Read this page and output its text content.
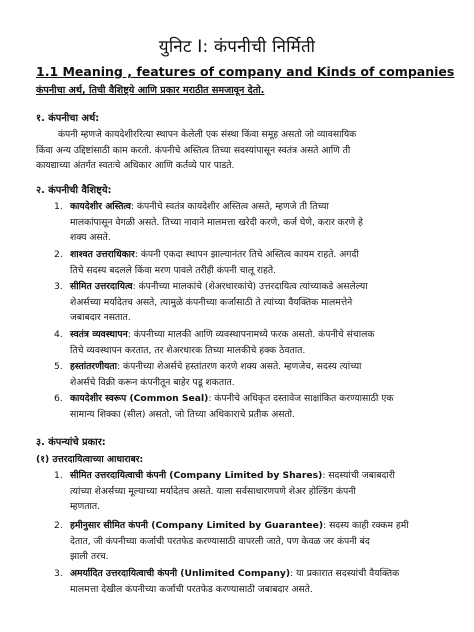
युनिट I: कंपनीची निर्मिती
1.1 Meaning , features of company and Kinds of companies
कंपनीचा अर्थ, तिची वैशिष्ट्ये आणि प्रकार मराठीत समजावून देतो.
१. कंपनीचा अर्थ:
कंपनी म्हणजे कायदेशीररित्या स्थापन केलेली एक संस्था किंवा समूह असतो जो व्यावसायिक
किंवा अन्य उद्दिष्टांसाठी काम करतो. कंपनीचे अस्तित्व तिच्या सदस्यांपासून स्वतंत्र असते आणि ती
कायद्याच्या अंतर्गत स्वतःचे अधिकार आणि कर्तव्ये पार पाडते.
२. कंपनीची वैशिष्ट्ये:
1. कायदेशीर अस्तित्व: कंपनीचे स्वतंत्र कायदेशीर अस्तित्व असते, म्हणजे ती तिच्या
मालकांपासून वेगळी असते. तिच्या नावाने मालमत्ता खरेदी करणे, कर्ज घेणे, करार करणे हे
शक्य असते.
2. शाश्वत उत्तराधिकार: कंपनी एकदा स्थापन झाल्यानंतर तिचे अस्तित्व कायम राहते. अगदी
तिचे सदस्य बदलले किंवा मरण पावले तरीही कंपनी चालू राहते.
3. सीमित उत्तरदायित्व: कंपनीच्या मालकांचे (शेअरधारकांचे) उत्तरदायित्व त्यांच्याकडे असलेल्या
शेअर्सच्या मर्यादेतच असते, त्यामुळे कंपनीच्या कर्जासाठी ते त्यांच्या वैयक्तिक मालमत्तेने
जबाबदार नसतात.
4. स्वतंत्र व्यवस्थापन: कंपनीच्या मालकी आणि व्यवस्थापनामध्ये फरक असतो. कंपनीचे संचालक
तिचे व्यवस्थापन करतात, तर शेअरधारक तिच्या मालकीचे हक्क ठेवतात.
5. हस्तांतरणीयता: कंपनीच्या शेअर्सचे हस्तांतरण करणे शक्य असते. म्हणजेच, सदस्य त्यांच्या
शेअर्सचे विक्री करून कंपनीतून बाहेर पडू शकतात.
6. कायदेशीर स्वरूप (Common Seal): कंपनीचे अधिकृत दस्तावेज साक्षांकित करण्यासाठी एक
सामान्य शिक्का (सील) असतो, जो तिच्या अधिकाराचे प्रतीक असतो.
३. कंपन्यांचे प्रकार:
(१) उत्तरदायित्वाच्या आधाराबर:
1. सीमित उत्तरदायित्वाची कंपनी (Company Limited by Shares): सदस्यांची जबाबदारी
त्यांच्या शेअर्सच्या मूल्याच्या मर्यादेतच असते. याला सर्वसाधारणपणे शेअर होल्डिंग कंपनी
म्हणतात.
2. हमीनुसार सीमित कंपनी (Company Limited by Guarantee): सदस्य काही रक्कम हमी
देतात, जी कंपनीच्या कर्जाची परतफेड करण्यासाठी वापरली जाते, पण केवळ जर कंपनी बंद
झाली तरच.
3. अमर्यादित उत्तरदायित्वाची कंपनी (Unlimited Company): या प्रकारात सदस्यांची वैयक्तिक
मालमत्ता देखील कंपनीच्या कर्जाची परतफेड करण्यासाठी जबाबदार असते.
